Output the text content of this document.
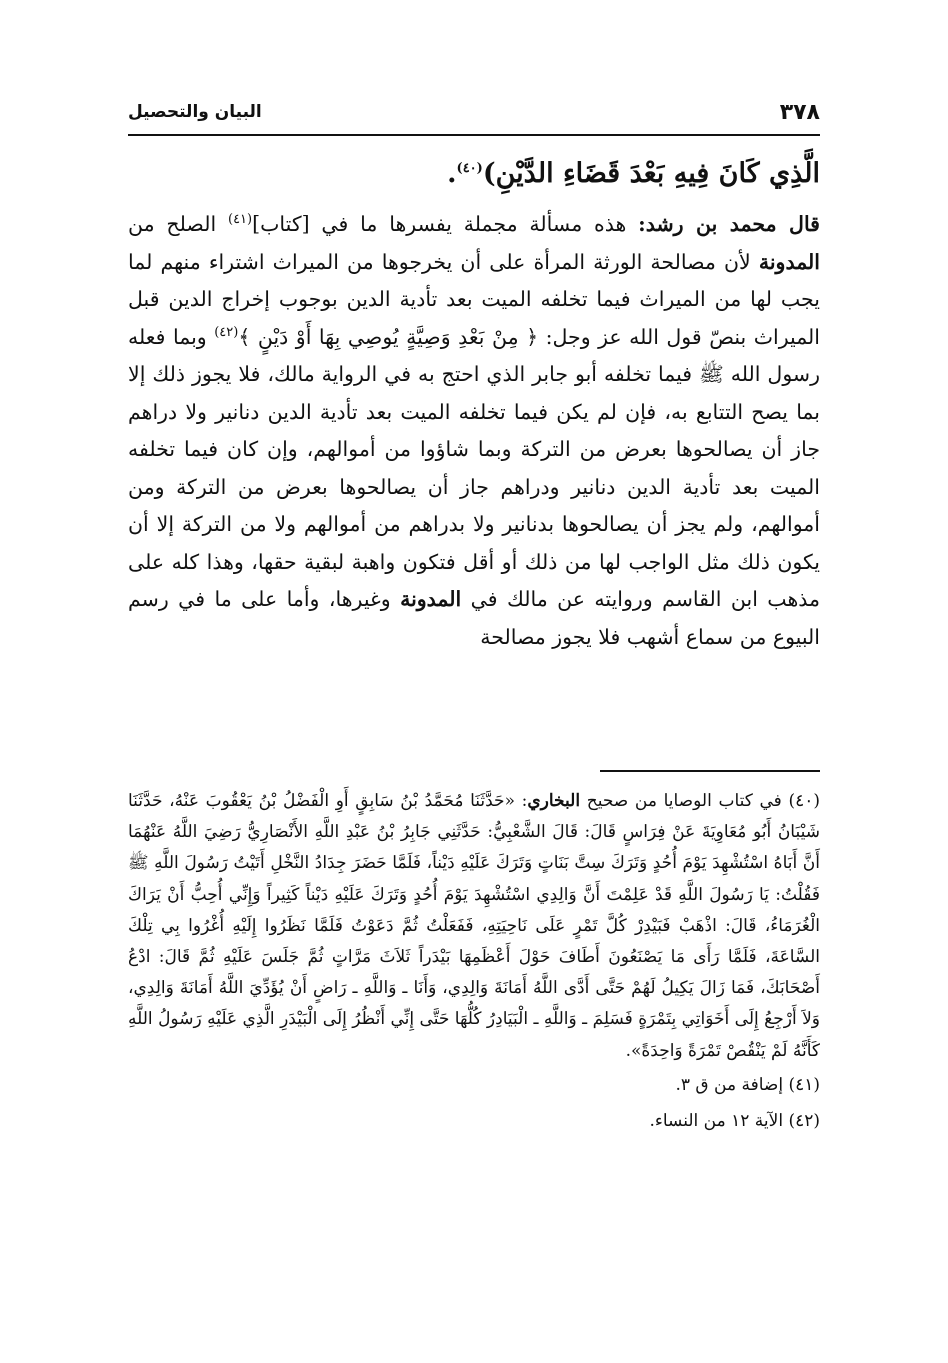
٣٧٨
البيان والتحصيل

الَّذِي كَانَ فِيهِ بَعْدَ قَضَاءِ الدَّيْنِ)$^{(٤٠)}$.

قال محمد بن رشد: هذه مسألة مجملة يفسرها ما في [كتاب]$^{(٤١)}$ الصلح من المدونة لأن مصالحة الورثة المرأة على أن يخرجوها من الميراث اشتراء منهم لما يجب لها من الميراث فيما تخلفه الميت بعد تأدية الدين بوجوب إخراج الدين قبل الميراث بنصّ قول الله عز وجل: ﴿ مِنْ بَعْدِ وَصِيَّةٍ يُوصِي بِهَا أَوْ دَيْنٍ ﴾$^{(٤٢)}$ وبما فعله رسول الله ﷺ فيما تخلفه أبو جابر الذي احتج به في الرواية مالك، فلا يجوز ذلك إلا بما يصح التتابع به، فإن لم يكن فيما تخلفه الميت بعد تأدية الدين دنانير ولا دراهم جاز أن يصالحوها بعرض من التركة وبما شاؤوا من أموالهم، وإن كان فيما تخلفه الميت بعد تأدية الدين دنانير ودراهم جاز أن يصالحوها بعرض من التركة ومن أموالهم، ولم يجز أن يصالحوها بدنانير ولا بدراهم من أموالهم ولا من التركة إلا أن يكون ذلك مثل الواجب لها من ذلك أو أقل فتكون واهبة لبقية حقها، وهذا كله على مذهب ابن القاسم وروايته عن مالك في المدونة وغيرها، وأما على ما في رسم البيوع من سماع أشهب فلا يجوز مصالحة

(٤٠) في كتاب الوصايا من صحيح البخاري: «حَدَّثَنَا مُحَمَّدُ بْنُ سَابِقٍ أَوِ الْفَضْلُ بْنُ يَعْقُوبَ عَنْهُ، حَدَّثَنَا شَيْبَانُ أَبُو مُعَاوِيَةَ عَنْ فِرَاسٍ قَالَ: قَالَ الشَّعْبِيُّ: حَدَّثَنِي جَابِرُ بْنُ عَبْدِ اللَّهِ الأَنْصَارِيُّ رَضِيَ اللَّهُ عَنْهُمَا أَنَّ أَبَاهُ اسْتُشْهِدَ يَوْمَ أُحُدٍ وَتَرَكَ سِتَّ بَنَاتٍ وَتَرَكَ عَلَيْهِ دَيْناً، فَلَمَّا حَضَرَ جِدَادُ النَّخْلِ أَتَيْتُ رَسُولَ اللَّهِ ﷺ فَقُلْتُ: يَا رَسُولَ اللَّهِ قَدْ عَلِمْتَ أَنَّ وَالِدِي اسْتُشْهِدَ يَوْمَ أُحُدٍ وَتَرَكَ عَلَيْهِ دَيْناً كَثِيراً وَإِنِّي أُحِبُّ أَنْ يَرَاكَ الْغُرَمَاءُ، قَالَ: اذْهَبْ فَبَيْدِرْ كُلَّ تَمْرٍ عَلَى نَاحِيَتِهِ، فَفَعَلْتُ ثُمَّ دَعَوْتُ فَلَمَّا نَظَرُوا إِلَيْهِ أُغْرُوا بِي تِلْكَ السَّاعَةَ، فَلَمَّا رَأَى مَا يَصْنَعُونَ أَطَافَ حَوْلَ أَعْظَمِهَا بَيْدَراً ثَلاَثَ مَرَّاتٍ ثُمَّ جَلَسَ عَلَيْهِ ثُمَّ قَالَ: ادْعُ أَصْحَابَكَ، فَمَا زَالَ يَكِيلُ لَهُمْ حَتَّى أَدَّى اللَّهُ أَمَانَةَ وَالِدِي، وَأَنَا ـ وَاللَّهِ ـ رَاضٍ أَنْ يُؤَدِّيَ اللَّهُ أَمَانَةَ وَالِدِي، وَلاَ أَرْجِعُ إِلَى أَخَوَاتِي بِتَمْرَةٍ فَسَلِمَ ـ وَاللَّهِ ـ الْبَيَادِرُ كُلُّهَا حَتَّى إِنِّي أَنْظُرُ إِلَى الْبَيْدَرِ الَّذِي عَلَيْهِ رَسُولُ اللَّهِ كَأَنَّهُ لَمْ يَنْقُصْ تَمْرَةً وَاحِدَةً».

(٤١) إضافة من ق ٣.

(٤٢) الآية ١٢ من النساء.
